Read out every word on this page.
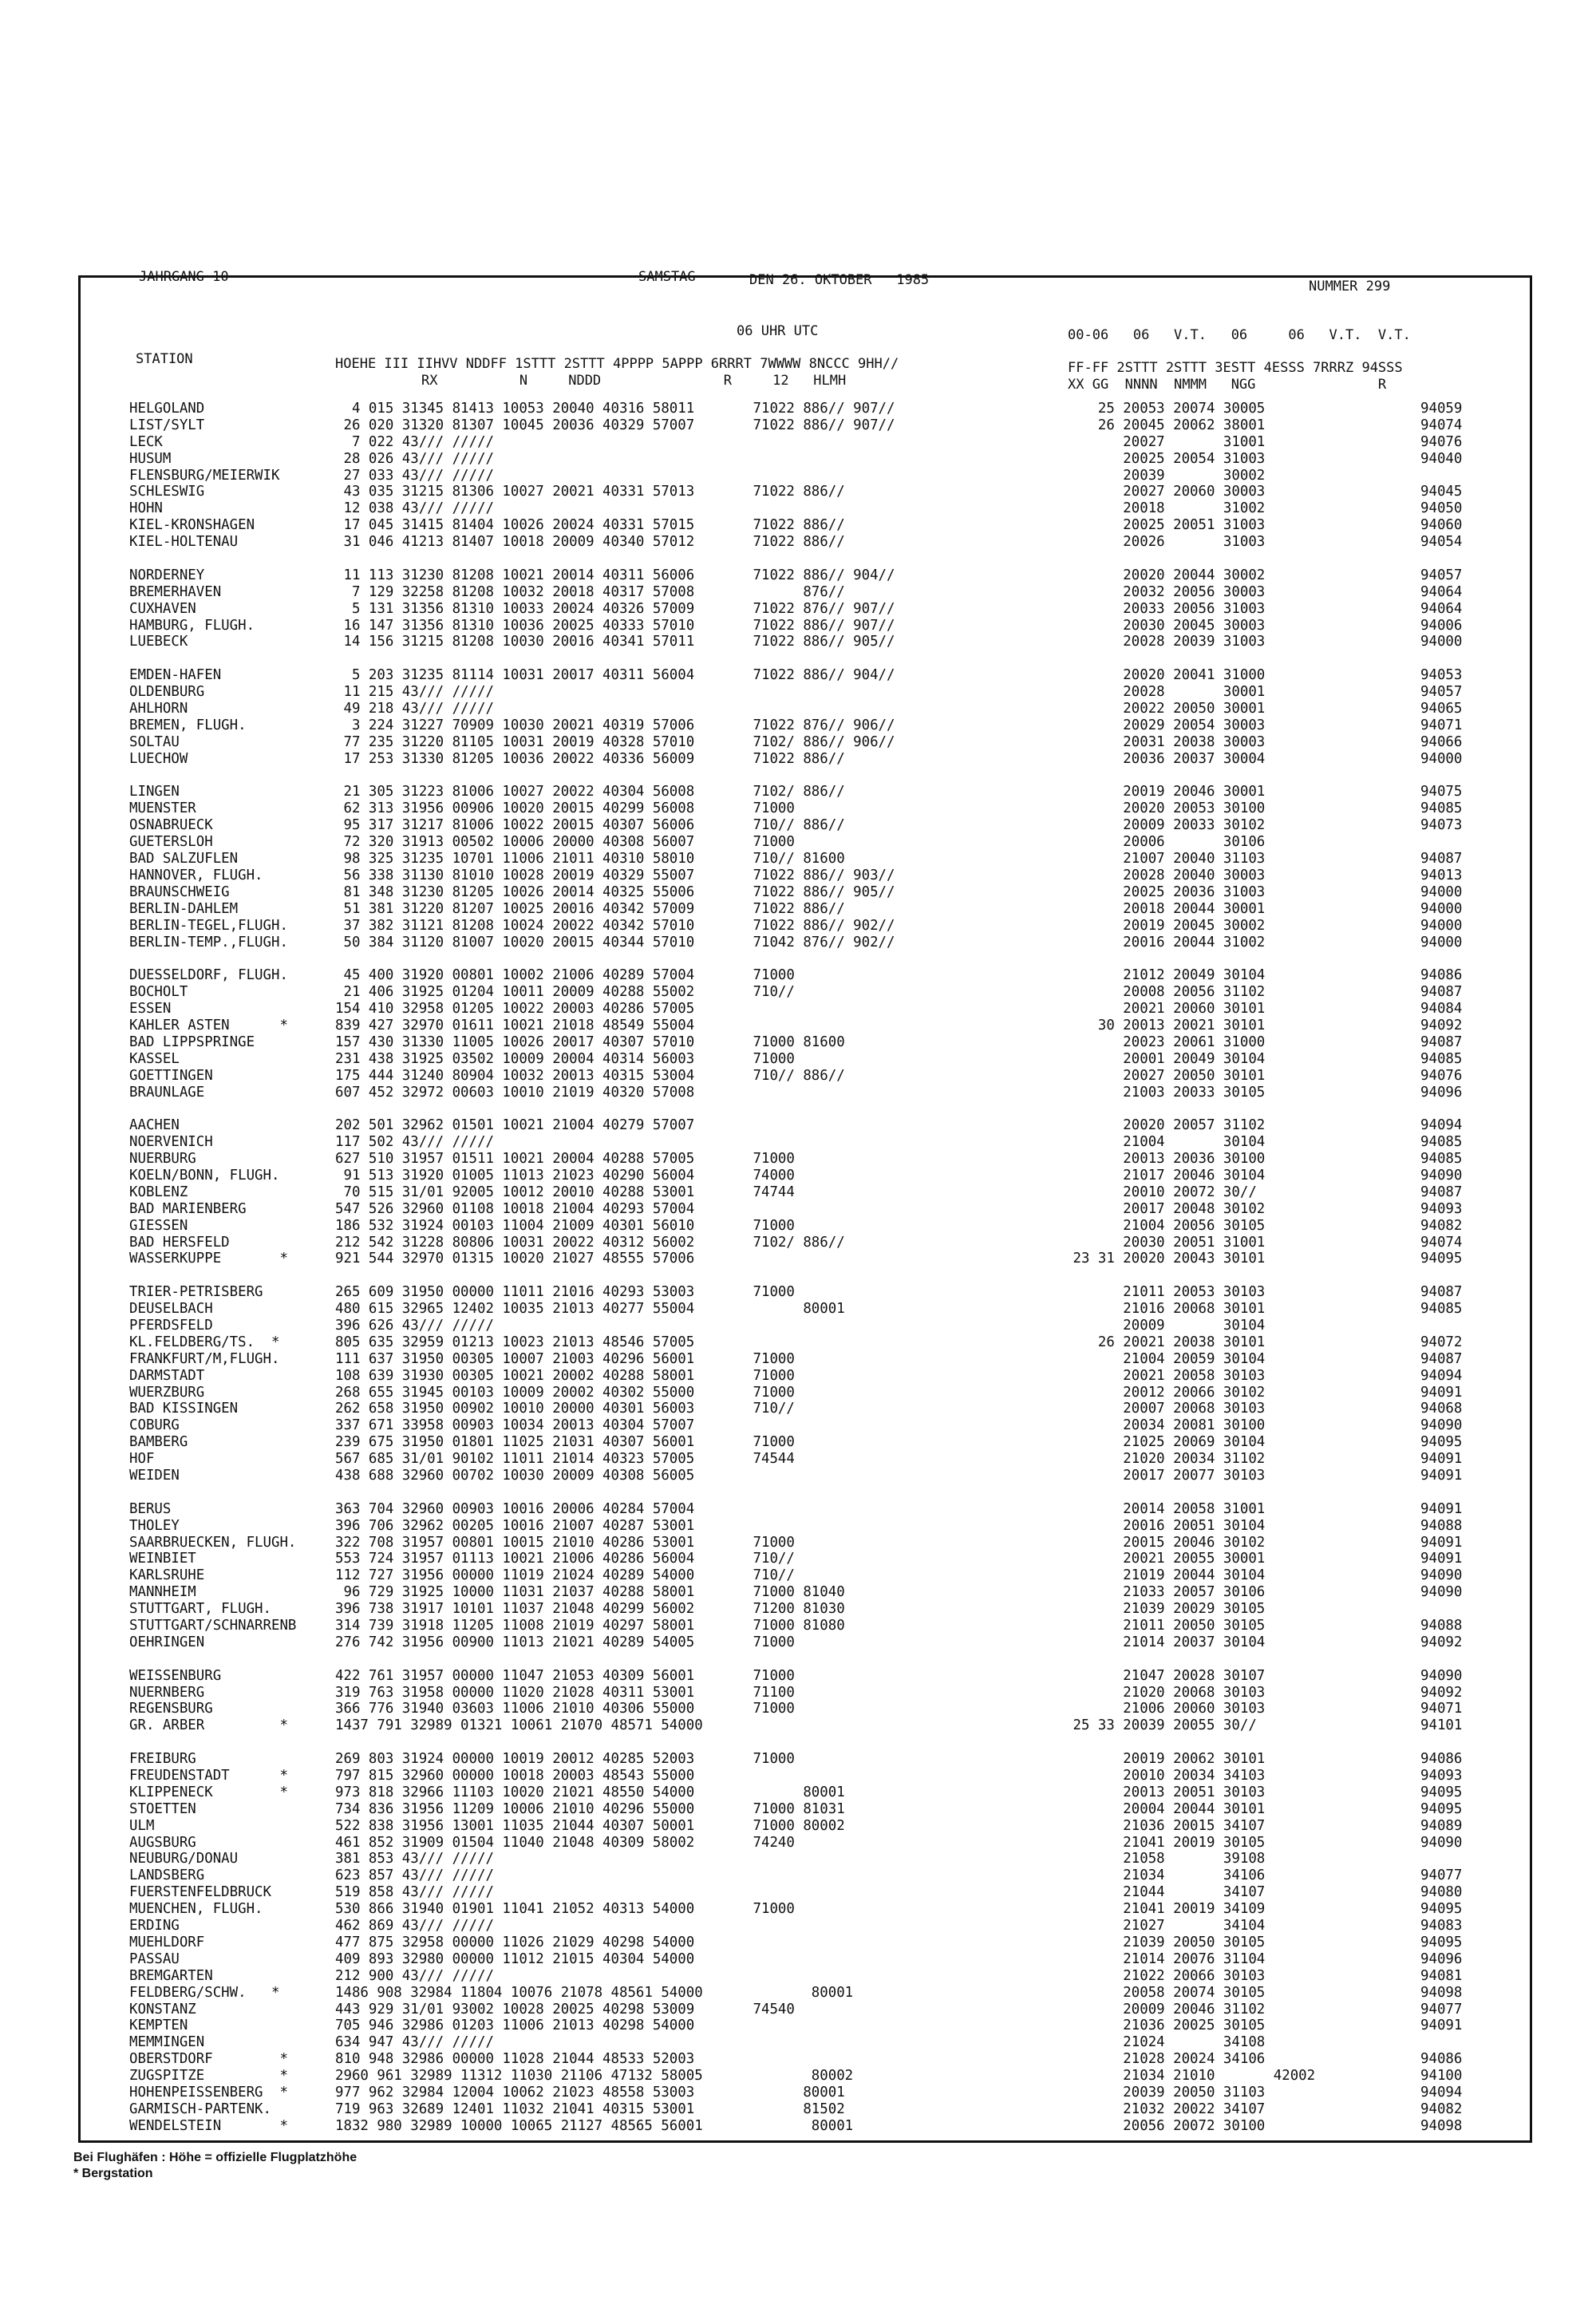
JAHRGANG 10	SAMSTAG	DEN 26. OKTOBER   1985	NUMMER 299
06 UHR UTC	00-06   06   V.T.   06     06   V.T.  V.T.
STATION	HOEHE III IIHVV NDDFF 1STTT 2STTT 4PPPP 5APPP 6RRRT 7WWWW 8NCCC 9HH//
RX          N     NDDD               R     12   HLMH
FF-FF 2STTT 2STTT 3ESTT 4ESSS 7RRRZ 94SSS
XX GG  NNNN  NMMM   NGG               R
HELGOLAND	4 015 31345 81413 10053 20040 40316 58011       71022 886// 907//	25 20053 20074 30005	94059
LIST/SYLT	26 020 31320 81307 10045 20036 40329 57007       71022 886// 907//	26 20045 20062 38001	94074
LECK	7 022 43/// /////	20027       31001	94076
HUSUM	28 026 43/// /////	20025 20054 31003	94040
FLENSBURG/MEIERWIK	27 033 43/// /////	20039       30002
SCHLESWIG	43 035 31215 81306 10027 20021 40331 57013       71022 886//	20027 20060 30003	94045
HOHN	12 038 43/// /////	20018       31002	94050
KIEL-KRONSHAGEN	17 045 31415 81404 10026 20024 40331 57015       71022 886//	20025 20051 31003	94060
KIEL-HOLTENAU	31 046 41213 81407 10018 20009 40340 57012       71022 886//	20026       31003	94054
NORDERNEY	11 113 31230 81208 10021 20014 40311 56006       71022 886// 904//	20020 20044 30002	94057
BREMERHAVEN	7 129 32258 81208 10032 20018 40317 57008             876//	20032 20056 30003	94064
CUXHAVEN	5 131 31356 81310 10033 20024 40326 57009       71022 876// 907//	20033 20056 31003	94064
HAMBURG, FLUGH.	16 147 31356 81310 10036 20025 40333 57010       71022 886// 907//	20030 20045 30003	94006
LUEBECK	14 156 31215 81208 10030 20016 40341 57011       71022 886// 905//	20028 20039 31003	94000
EMDEN-HAFEN	5 203 31235 81114 10031 20017 40311 56004       71022 886// 904//	20020 20041 31000	94053
OLDENBURG	11 215 43/// /////	20028       30001	94057
AHLHORN	49 218 43/// /////	20022 20050 30001	94065
BREMEN, FLUGH.	3 224 31227 70909 10030 20021 40319 57006       71022 876// 906//	20029 20054 30003	94071
SOLTAU	77 235 31220 81105 10031 20019 40328 57010       7102/ 886// 906//	20031 20038 30003	94066
LUECHOW	17 253 31330 81205 10036 20022 40336 56009       71022 886//	20036 20037 30004	94000
LINGEN	21 305 31223 81006 10027 20022 40304 56008       7102/ 886//	20019 20046 30001	94075
MUENSTER	62 313 31956 00906 10020 20015 40299 56008       71000	20020 20053 30100	94085
OSNABRUECK	95 317 31217 81006 10022 20015 40307 56006       710// 886//	20009 20033 30102	94073
GUETERSLOH	72 320 31913 00502 10006 20000 40308 56007       71000	20006       30106
BAD SALZUFLEN	98 325 31235 10701 11006 21011 40310 58010       710// 81600	21007 20040 31103	94087
HANNOVER, FLUGH.	56 338 31130 81010 10028 20019 40329 55007       71022 886// 903//	20028 20040 30003	94013
BRAUNSCHWEIG	81 348 31230 81205 10026 20014 40325 55006       71022 886// 905//	20025 20036 31003	94000
BERLIN-DAHLEM	51 381 31220 81207 10025 20016 40342 57009       71022 886//	20018 20044 30001	94000
BERLIN-TEGEL,FLUGH.	37 382 31121 81208 10024 20022 40342 57010       71022 886// 902//	20019 20045 30002	94000
BERLIN-TEMP.,FLUGH.	50 384 31120 81007 10020 20015 40344 57010       71042 876// 902//	20016 20044 31002	94000
DUESSELDORF, FLUGH.	45 400 31920 00801 10002 21006 40289 57004       71000	21012 20049 30104	94086
BOCHOLT	21 406 31925 01204 10011 20009 40288 55002       710//	20008 20056 31102	94087
ESSEN	154 410 32958 01205 10022 20003 40286 57005	20021 20060 30101	94084
KAHLER ASTEN      *	839 427 32970 01611 10021 21018 48549 55004	30 20013 20021 30101	94092
BAD LIPPSPRINGE	157 430 31330 11005 10026 20017 40307 57010       71000 81600	20023 20061 31000	94087
KASSEL	231 438 31925 03502 10009 20004 40314 56003       71000	20001 20049 30104	94085
GOETTINGEN	175 444 31240 80904 10032 20013 40315 53004       710// 886//	20027 20050 30101	94076
BRAUNLAGE	607 452 32972 00603 10010 21019 40320 57008	21003 20033 30105	94096
AACHEN	202 501 32962 01501 10021 21004 40279 57007	20020 20057 31102	94094
NOERVENICH	117 502 43/// /////	21004       30104	94085
NUERBURG	627 510 31957 01511 10021 20004 40288 57005       71000	20013 20036 30100	94085
KOELN/BONN, FLUGH.	91 513 31920 01005 11013 21023 40290 56004       74000	21017 20046 30104	94090
KOBLENZ	70 515 31/01 92005 10012 20010 40288 53001       74744	20010 20072 30//	94087
BAD MARIENBERG	547 526 32960 01108 10018 21004 40293 57004	20017 20048 30102	94093
GIESSEN	186 532 31924 00103 11004 21009 40301 56010       71000	21004 20056 30105	94082
BAD HERSFELD	212 542 31228 80806 10031 20022 40312 56002       7102/ 886//	20030 20051 31001	94074
WASSERKUPPE       *	921 544 32970 01315 10020 21027 48555 57006	23 31 20020 20043 30101	94095
TRIER-PETRISBERG	265 609 31950 00000 11011 21016 40293 53003       71000	21011 20053 30103	94087
DEUSELBACH	480 615 32965 12402 10035 21013 40277 55004             80001	21016 20068 30101	94085
PFERDSFELD	396 626 43/// /////	20009       30104
KL.FELDBERG/TS.  *	805 635 32959 01213 10023 21013 48546 57005	26 20021 20038 30101	94072
FRANKFURT/M,FLUGH.	111 637 31950 00305 10007 21003 40296 56001       71000	21004 20059 30104	94087
DARMSTADT	108 639 31930 00305 10021 20002 40288 58001       71000	20021 20058 30103	94094
WUERZBURG	268 655 31945 00103 10009 20002 40302 55000       71000	20012 20066 30102	94091
BAD KISSINGEN	262 658 31950 00902 10010 20000 40301 56003       710//	20007 20068 30103	94068
COBURG	337 671 33958 00903 10034 20013 40304 57007	20034 20081 30100	94090
BAMBERG	239 675 31950 01801 11025 21031 40307 56001       71000	21025 20069 30104	94095
HOF	567 685 31/01 90102 11011 21014 40323 57005       74544	21020 20034 31102	94091
WEIDEN	438 688 32960 00702 10030 20009 40308 56005	20017 20077 30103	94091
BERUS	363 704 32960 00903 10016 20006 40284 57004	20014 20058 31001	94091
THOLEY	396 706 32962 00205 10016 21007 40287 53001	20016 20051 30104	94088
SAARBRUECKEN, FLUGH.	322 708 31957 00801 10015 21010 40286 53001       71000	20015 20046 30102	94091
WEINBIET	553 724 31957 01113 10021 21006 40286 56004       710//	20021 20055 30001	94091
KARLSRUHE	112 727 31956 00000 11019 21024 40289 54000       710//	21019 20044 30104	94090
MANNHEIM	96 729 31925 10000 11031 21037 40288 58001       71000 81040	21033 20057 30106	94090
STUTTGART, FLUGH.	396 738 31917 10101 11037 21048 40299 56002       71200 81030	21039 20029 30105
STUTTGART/SCHNARRENB	314 739 31918 11205 11008 21019 40297 58001       71000 81080	21011 20050 30105	94088
OEHRINGEN	276 742 31956 00900 11013 21021 40289 54005       71000	21014 20037 30104	94092
WEISSENBURG	422 761 31957 00000 11047 21053 40309 56001       71000	21047 20028 30107	94090
NUERNBERG	319 763 31958 00000 11020 21028 40311 53001       71100	21020 20068 30103	94092
REGENSBURG	366 776 31940 03603 11006 21010 40306 55000       71000	21006 20060 30103	94071
GR. ARBER         *	1437 791 32989 01321 10061 21070 48571 54000	25 33 20039 20055 30//	94101
FREIBURG	269 803 31924 00000 10019 20012 40285 52003       71000	20019 20062 30101	94086
FREUDENSTADT      *	797 815 32960 00000 10018 20003 48543 55000	20010 20034 34103	94093
KLIPPENECK        *	973 818 32966 11103 10020 21021 48550 54000             80001	20013 20051 30103	94095
STOETTEN	734 836 31956 11209 10006 21010 40296 55000       71000 81031	20004 20044 30101	94095
ULM	522 838 31956 13001 11035 21044 40307 50001       71000 80002	21036 20015 34107	94089
AUGSBURG	461 852 31909 01504 11040 21048 40309 58002       74240	21041 20019 30105	94090
NEUBURG/DONAU	381 853 43/// /////	21058       39108
LANDSBERG	623 857 43/// /////	21034       34106	94077
FUERSTENFELDBRUCK	519 858 43/// /////	21044       34107	94080
MUENCHEN, FLUGH.	530 866 31940 01901 11041 21052 40313 54000       71000	21041 20019 34109	94095
ERDING	462 869 43/// /////	21027       34104	94083
MUEHLDORF	477 875 32958 00000 11026 21029 40298 54000	21039 20050 30105	94095
PASSAU	409 893 32980 00000 11012 21015 40304 54000	21014 20076 31104	94096
BREMGARTEN	212 900 43/// /////	21022 20066 30103	94081
FELDBERG/SCHW.   *	1486 908 32984 11804 10076 21078 48561 54000             80001	20058 20074 30105	94098
KONSTANZ	443 929 31/01 93002 10028 20025 40298 53009       74540	20009 20046 31102	94077
KEMPTEN	705 946 32986 01203 11006 21013 40298 54000	21036 20025 30105	94091
MEMMINGEN	634 947 43/// /////	21024       34108
OBERSTDORF        *	810 948 32986 00000 11028 21044 48533 52003	21028 20024 34106	94086
ZUGSPITZE         *	2960 961 32989 11312 11030 21106 47132 58005             80002	21034 21010       42002	94100
HOHENPEISSENBERG  *	977 962 32984 12004 10062 21023 48558 53003             80001	20039 20050 31103	94094
GARMISCH-PARTENK.	719 963 32689 12401 11032 21041 40315 53001             81502	21032 20022 34107	94082
WENDELSTEIN       *	1832 980 32989 10000 10065 21127 48565 56001             80001	20056 20072 30100	94098
Bei Flughäfen : Höhe = offizielle Flugplatzhöhe
* Bergstation
